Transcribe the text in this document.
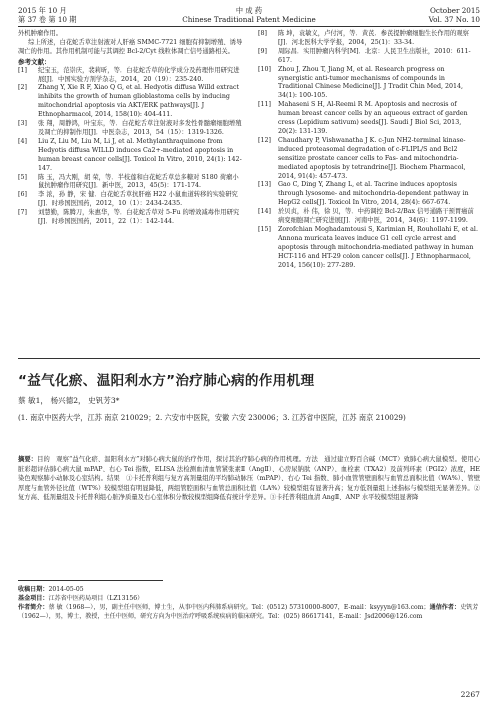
2015 年 10 月
第 37 卷 第 10 期
中 成 药
Chinese Traditional Patent Medicine
October 2015
Vol. 37 No. 10

外机肿瘤作用。

综上所述，白花蛇舌草注射液对人肝癌 SMMC-7721 细胞有抑制增殖、诱导凋亡的作用。其作用机制可能与其调控 Bcl-2/Cyt 线粒体凋亡信号通路相关。

参考文献：
[1] 纪宝玉，范崇庆，裴莉昕，等．白花蛇舌草的化学成分及药理作用研究进展[J]．中国实验方剂学杂志，2014，20（19）：235-240.
[2] Zhang Y, Xie R F, Xiao Q G, et al. Hedyotis diffusa Willd extract inhibits the growth of human glioblastoma cells by inducing mitochondrial apoptosis via AKT/ERK pathways[J]. J Ethnopharmacol, 2014, 158(10): 404-411.
[3] 张 翔，周静鸿，叶宝东，等．白花蛇舌草注射液对多发性骨髓瘤细胞增殖及凋亡的抑制作用[J]．中医杂志，2013，54（15）：1319-1326.
[4] Liu Z, Liu M, Liu M, Li J, et al. Methylanthraquinone from Hedyotis diffusa WILLD induces Ca2+-mediated apoptosis in human breast cancer cells[J]. Toxicol In Vitro, 2010, 24(1): 142-147.
[5] 陈 玉，冯大刚，胡 荣，等．半枝莲和白花蛇舌草总多糖对 S180 荷瘤小鼠抗肿瘤作用研究[J]．新中医，2013，45(5)：171-174.
[6] 李 浓，孙 静，宋 健．白花蛇舌草抗肝癌 H22 小鼠血道转移的实验研究[J]．时珍国医国药，2012，10（1）：2434-2435.
[7] 刘慧勤，陈腾刀，朱惠华，等．白花蛇舌草对 5-Fu 的增效减毒作用研究[J]．时珍国医国药，2011，22（1）：142-144.
[8] 陈 坤，袁敏义，卢付河，等．黄芪．参芪提肿瘤细胞生长作用的观察[J]．河北医科大学学报，2004，25(1)：33-34.
[9] 周际昌．实用肿瘤内科学[M]．北京：人民卫生出版社，2010：611-617.
[10] Zhou J, Zhou T, Jiang M, et al. Research progress on synergistic anti-tumor mechanisms of compounds in Traditional Chinese Medicine[J]. J Tradit Chin Med, 2014, 34(1): 100-105.
[11] Mahaseni S H, Al-Reemi R M. Apoptosis and necrosis of human breast cancer cells by an aqueous extract of garden cress (Lepidium sativum) seeds[J]. Saudi J Biol Sci, 2013, 20(2): 131-139.
[12] Chaudhary P, Vishwanatha J K. c-Jun NH2-terminal kinase-induced proteasomal degradation of c-FLIPL/S and Bcl2 sensitize prostate cancer cells to Fas- and mitochondria-mediated apoptosis by tetrandrine[J]. Biochem Pharmacol, 2014, 91(4): 457-473.
[13] Gao C, Ding Y, Zhang L, et al. Tacrine induces apoptosis through lysosome- and mitochondria-dependent pathway in HepG2 cells[J]. Toxicol In Vitro, 2014, 28(4): 667-674.
[14] 於贝贞，朴 伟，徐 贝，等．中药调控 Bcl-2/Bax 信号通路干预胃癌前病变细胞凋亡研究进展[J]．河南中医，2014，34(6)：1197-1199.
[15] Zorofchian Moghadamtousi S, Karimian H, Rouhollahi E, et al. Annona muricata leaves induce G1 cell cycle arrest and apoptosis through mitochondria-mediated pathway in human HCT-116 and HT-29 colon cancer cells[J]. J Ethnopharmacol, 2014, 156(10): 277-289.
“益气化瘀、温阳利水方”治疗肺心病的作用机理
蔡 敏1， 杨兴德2， 史钒芳3*
(1. 南京中医药大学，江苏 南京 210029；2. 六安市中医院，安徽 六安 230006；3. 江苏省中医院，江苏 南京 210029)
摘要：目的　观察“益气化瘀、温阳利水方”对肺心病大鼠的治疗作用，探讨其治疗肺心病的作用机理。方法　通过建立野百合碱（MCT）致肺心病大鼠模型。使用心脏彩超评估肺心病大鼠 mPAP、右心 Tei 指数，ELISA 法检测血清血管紧张素Ⅱ（AngⅡ）、心房尿钠肽（ANP）、血栓素（TXA2）及前列环素（PGI2）浓度，HE 染色观察肺小动脉及心室结构。结果　①卡托普利组与复方高剂量组的平均肺动脉压（mPAP）、右心 Tei 指数、肺小血管管壁面积与血管总面积比值（WA%）、管壁厚度与血管外径比值（WT%）较模型组有明显降低，两组管腔面积与血管总面积比值（LA%）较模型组有显著升高；复方低剂量组上述指标与模型组无显著差异。②复方高、低剂量组及卡托普利组心脏净质量及右心室体积分数较模型组降低有统计学差异。③卡托普利组血清 AngⅡ、ANP 水平较模型组显著降
收稿日期：2014-05-05
基金项目：江苏省中医药局项目（LZ13156）
作者简介：蔡 敏（1968—），男，副主任中医师，博士生，从事中医内科肺系病研究。Tel：(0512) 57310000-8007，E-mail：ksyyyn@163.com；通信作者：史钒芳（1962—），男，博士，教授，主任中医师，研究方向为中医治疗呼吸系统疾病的临床研究。Tel：(025) 86617141，E-mail：Jsd2006@126.com
2267
